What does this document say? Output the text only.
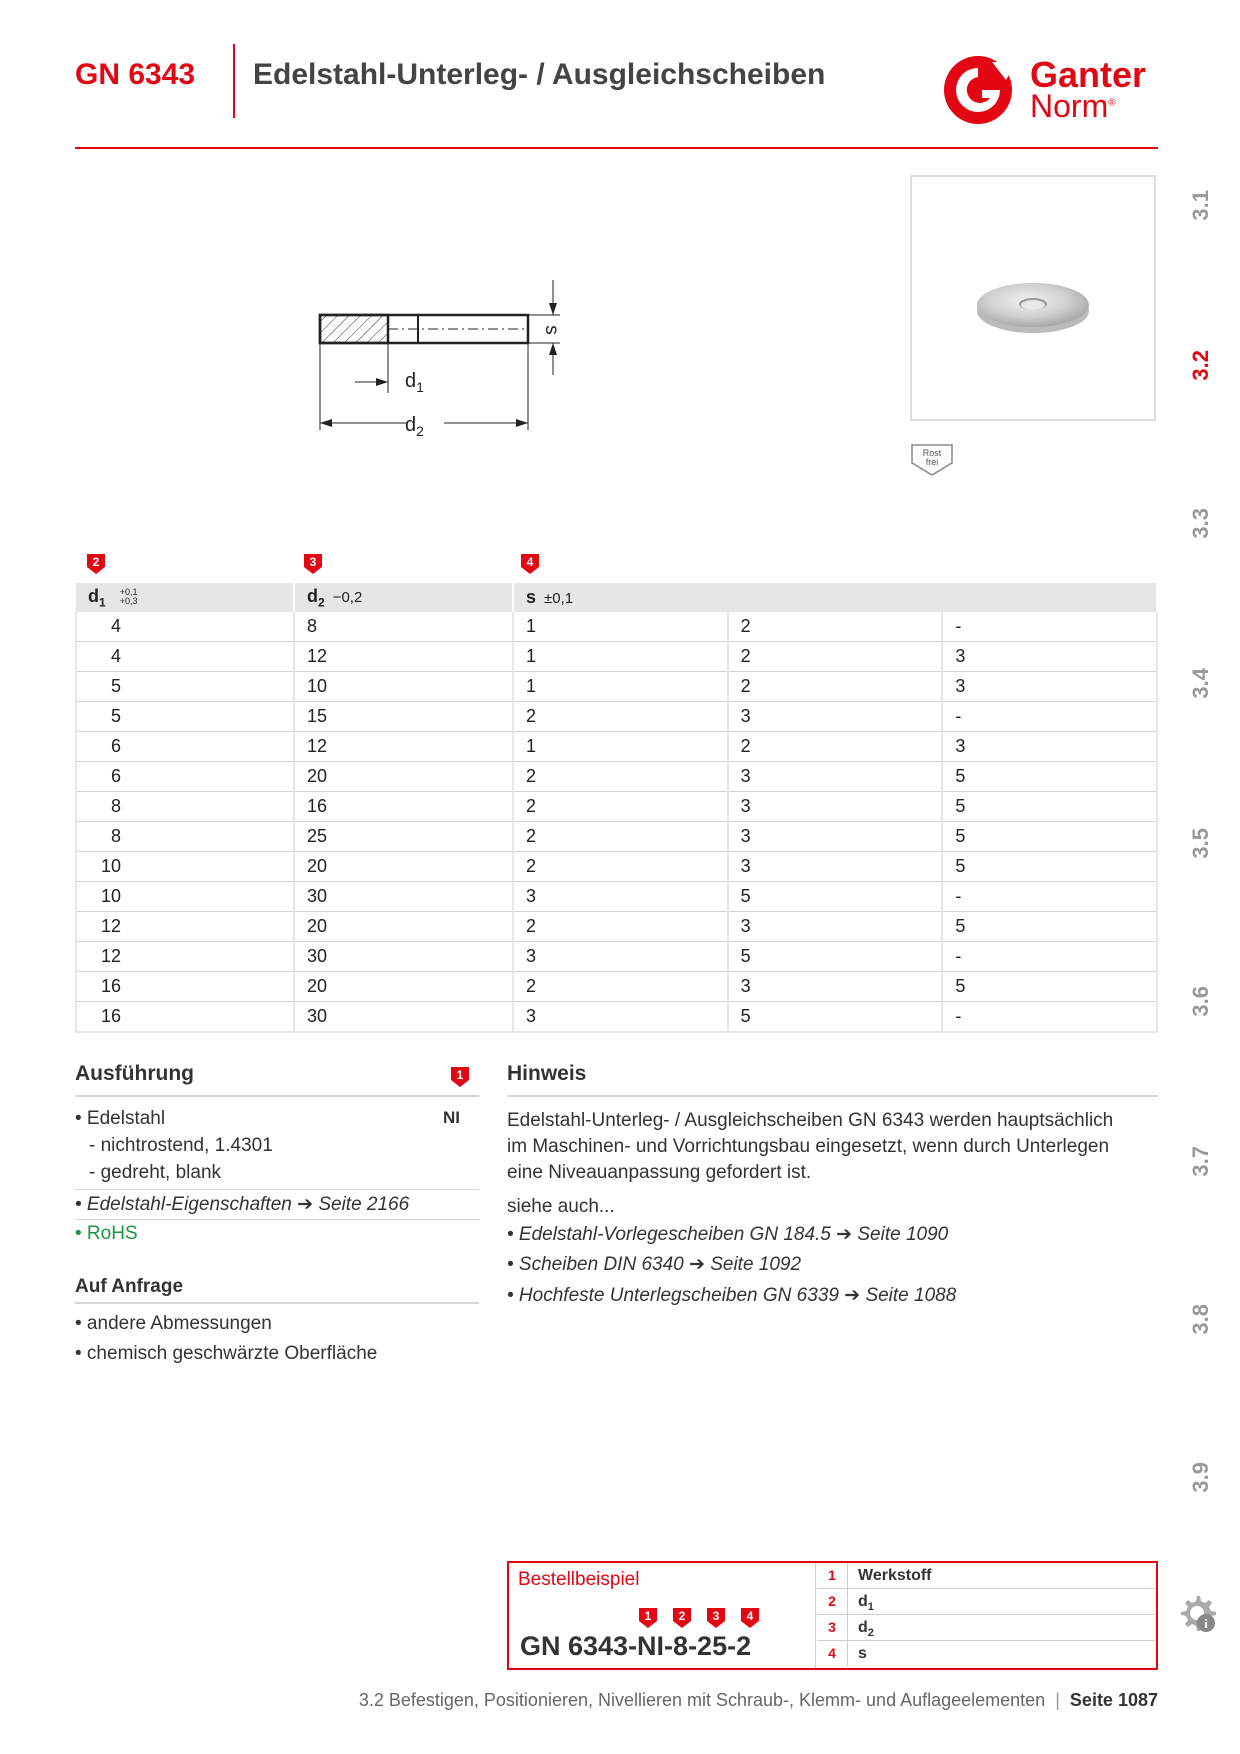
GN 6343 Edelstahl-Unterleg- / Ausgleichscheiben	Ganter
Norm®
3.1
3.2
3.3
3.4
3.5
3.6
3.7
3.8
3.9
s
$d_1$
$d_2$
Rost
frei
2	3	4
$d_1+0,1$
+0,3	$d_2 -0,2$	s ±0,1		
4	8	1	2	-
4	12	1	2	3
5	10	1	2	3
5	15	2	3	-
6	12	1	2	3
6	20	2	3	5
8	16	2	3	5
8	25	2	3	5
10	20	2	3	5
10	30	3	5	-
12	20	2	3	5
12	30	3	5	-
16	20	2	3	5
16	30	3	5	-
Ausführung	1
• Edelstahl	NI
- nichtrostend, 1.4301
- gedreht, blank
• Edelstahl-Eigenschaften ➔ Seite 2166
• RoHS
Auf Anfrage
• andere Abmessungen
• chemisch geschwärzte Oberfläche
Hinweis
Edelstahl-Unterleg- / Ausgleichscheiben GN 6343 werden hauptsächlich
im Maschinen- und Vorrichtungsbau eingesetzt, wenn durch Unterlegen
eine Niveauanpassung gefordert ist.
siehe auch...
• Edelstahl-Vorlegescheiben GN 184.5 ➔ Seite 1090
• Scheiben DIN 6340 ➔ Seite 1092
• Hochfeste Unterlegscheiben GN 6339 ➔ Seite 1088
Bestellbeispiel
1 2 3 4
GN 6343-NI-8-25-2
1 Werkstoff
2 $d_1$
3 $d_2$
4 s
i
3.2 Befestigen, Positionieren, Nivellieren mit Schraub-, Klemm- und Auflageelementen | Seite 1087
